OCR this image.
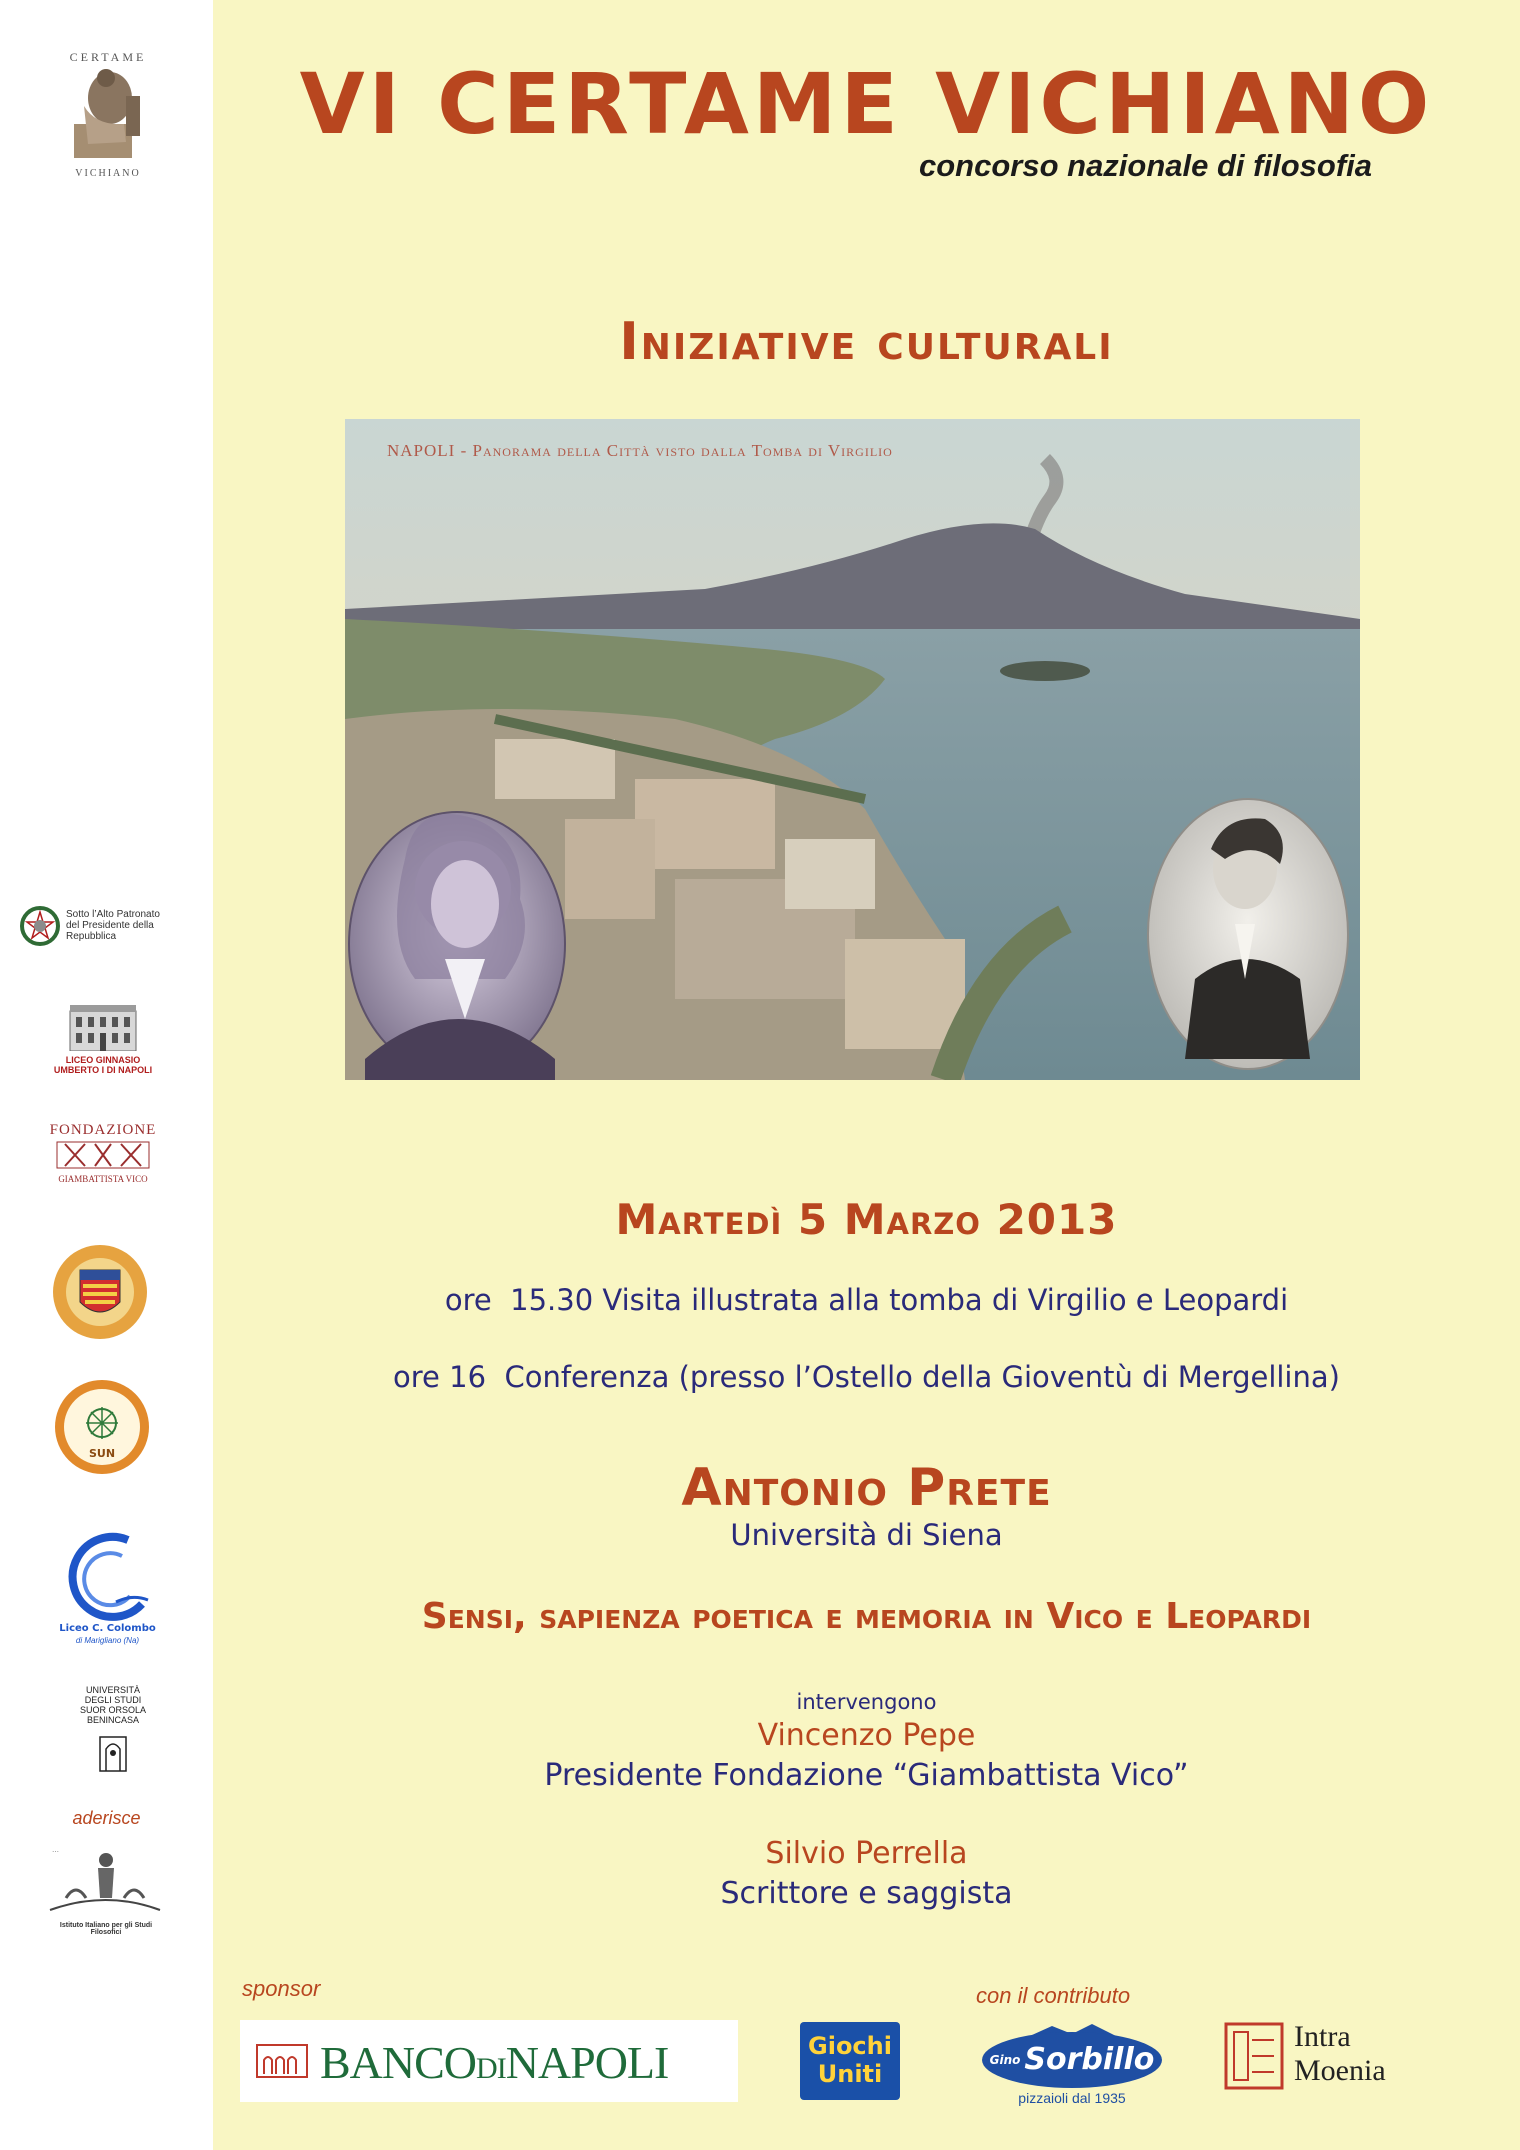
CERTAME
VICHIANO
Sotto l’Alto Patronato del Presidente della Repubblica
LICEO GINNASIO UMBERTO I DI NAPOLI
FONDAZIONE
GIAMBATTISTA VICO
SUN
Liceo C. Colombo
di Marigliano (Na)
UNIVERSITÀ DEGLI STUDI SUOR ORSOLA BENINCASA
aderisce
…
Istituto Italiano per gli Studi Filosofici
VI CERTAME VICHIANO
concorso nazionale di filosofia
Iniziative culturali
NAPOLI - Panorama della Città visto dalla Tomba di Virgilio
Martedì 5 Marzo 2013
ore  15.30 Visita illustrata alla tomba di Virgilio e Leopardi
ore 16  Conferenza (presso l’Ostello della Gioventù di Mergellina)
Antonio Prete
Università di Siena
Sensi, sapienza poetica e memoria in Vico e Leopardi
intervengono
Vincenzo Pepe
Presidente Fondazione “Giambattista Vico”
Silvio Perrella
Scrittore e saggista
sponsor	con il contributo
BANCODINAPOLI	Giochi
Uniti	$^{Gino}$ Sorbillo
pizzaioli dal 1935
Intra
Moenia
